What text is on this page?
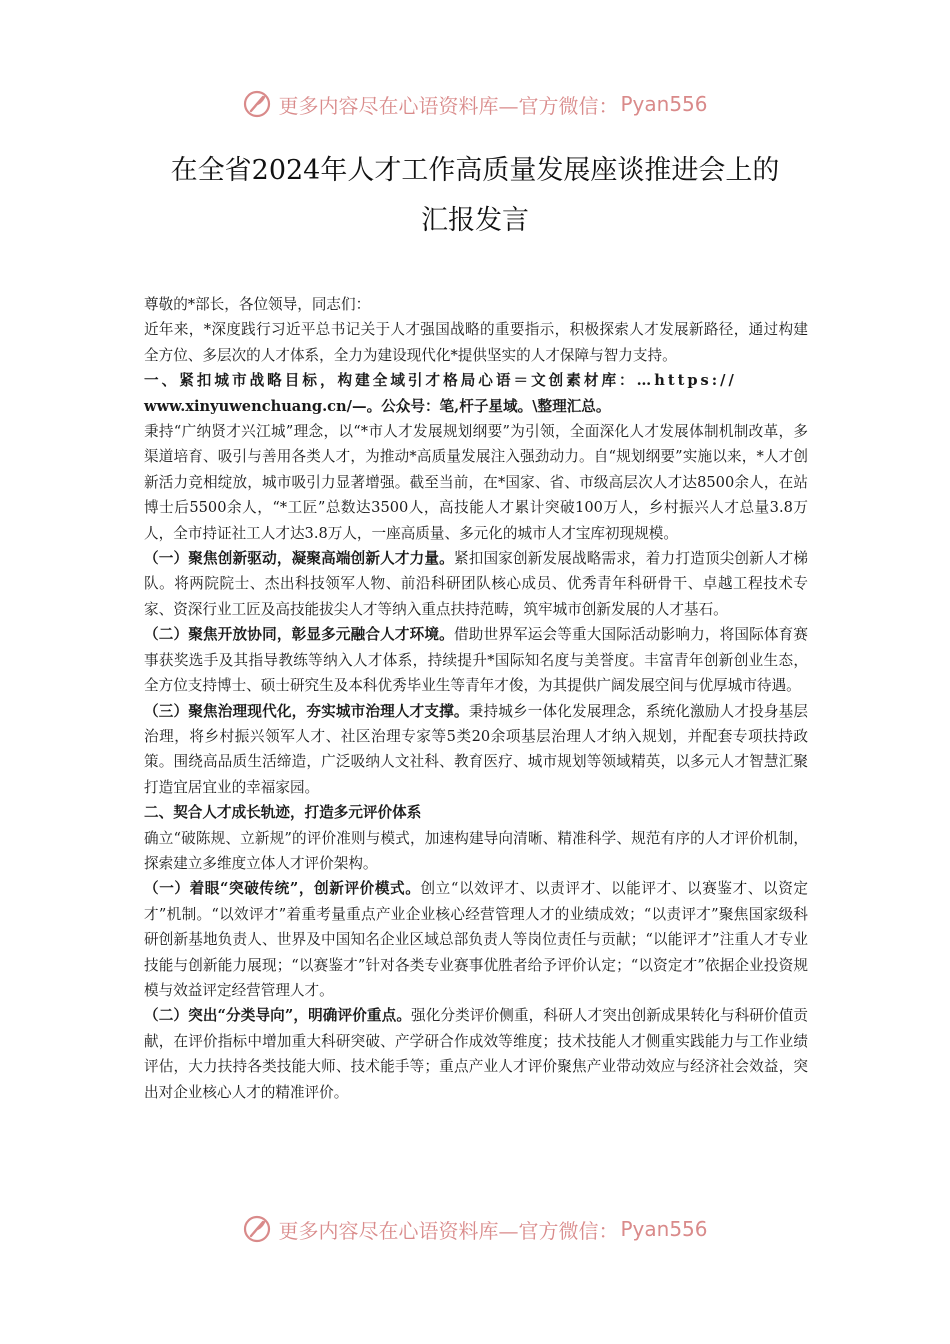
更多内容尽在心语资料库—官方微信： Pyan556
在全省2024年人才工作高质量发展座谈推进会上的
汇报发言

尊敬的*部长，各位领导，同志们：

近年来，*深度践行习近平总书记关于人才强国战略的重要指示，积极探索人才发展新路径，通过构建全方位、多层次的人才体系，全力为建设现代化*提供坚实的人才保障与智力支持。

一、紧扣城市战略目标，构建全域引才格局心语＝文创素材库：…https://

www.xinyuwenchuang.cn/—。公众号：笔,杆子星域。\整理汇总。

秉持“广纳贤才兴江城”理念，以“*市人才发展规划纲要”为引领，全面深化人才发展体制机制改革，多渠道培育、吸引与善用各类人才，为推动*高质量发展注入强劲动力。自“规划纲要”实施以来，*人才创新活力竞相绽放，城市吸引力显著增强。截至当前，在*国家、省、市级高层次人才达8500余人，在站博士后5500余人，“*工匠”总数达3500人，高技能人才累计突破100万人，乡村振兴人才总量3.8万人，全市持证社工人才达3.8万人，一座高质量、多元化的城市人才宝库初现规模。

（一）聚焦创新驱动，凝聚高端创新人才力量。紧扣国家创新发展战略需求，着力打造顶尖创新人才梯队。将两院院士、杰出科技领军人物、前沿科研团队核心成员、优秀青年科研骨干、卓越工程技术专家、资深行业工匠及高技能拔尖人才等纳入重点扶持范畴，筑牢城市创新发展的人才基石。

（二）聚焦开放协同，彰显多元融合人才环境。借助世界军运会等重大国际活动影响力，将国际体育赛事获奖选手及其指导教练等纳入人才体系，持续提升*国际知名度与美誉度。丰富青年创新创业生态，全方位支持博士、硕士研究生及本科优秀毕业生等青年才俊，为其提供广阔发展空间与优厚城市待遇。

（三）聚焦治理现代化，夯实城市治理人才支撑。秉持城乡一体化发展理念，系统化激励人才投身基层治理，将乡村振兴领军人才、社区治理专家等5类20余项基层治理人才纳入规划，并配套专项扶持政策。围绕高品质生活缔造，广泛吸纳人文社科、教育医疗、城市规划等领域精英，以多元人才智慧汇聚打造宜居宜业的幸福家园。

二、契合人才成长轨迹，打造多元评价体系

确立“破陈规、立新规”的评价准则与模式，加速构建导向清晰、精准科学、规范有序的人才评价机制，探索建立多维度立体人才评价架构。

（一）着眼“突破传统”，创新评价模式。创立“以效评才、以责评才、以能评才、以赛鉴才、以资定才”机制。“以效评才”着重考量重点产业企业核心经营管理人才的业绩成效；“以责评才”聚焦国家级科研创新基地负责人、世界及中国知名企业区域总部负责人等岗位责任与贡献；“以能评才”注重人才专业技能与创新能力展现；“以赛鉴才”针对各类专业赛事优胜者给予评价认定；“以资定才”依据企业投资规模与效益评定经营管理人才。

（二）突出“分类导向”，明确评价重点。强化分类评价侧重，科研人才突出创新成果转化与科研价值贡献，在评价指标中增加重大科研突破、产学研合作成效等维度；技术技能人才侧重实践能力与工作业绩评估，大力扶持各类技能大师、技术能手等；重点产业人才评价聚焦产业带动效应与经济社会效益，突出对企业核心人才的精准评价。

更多内容尽在心语资料库—官方微信： Pyan556
